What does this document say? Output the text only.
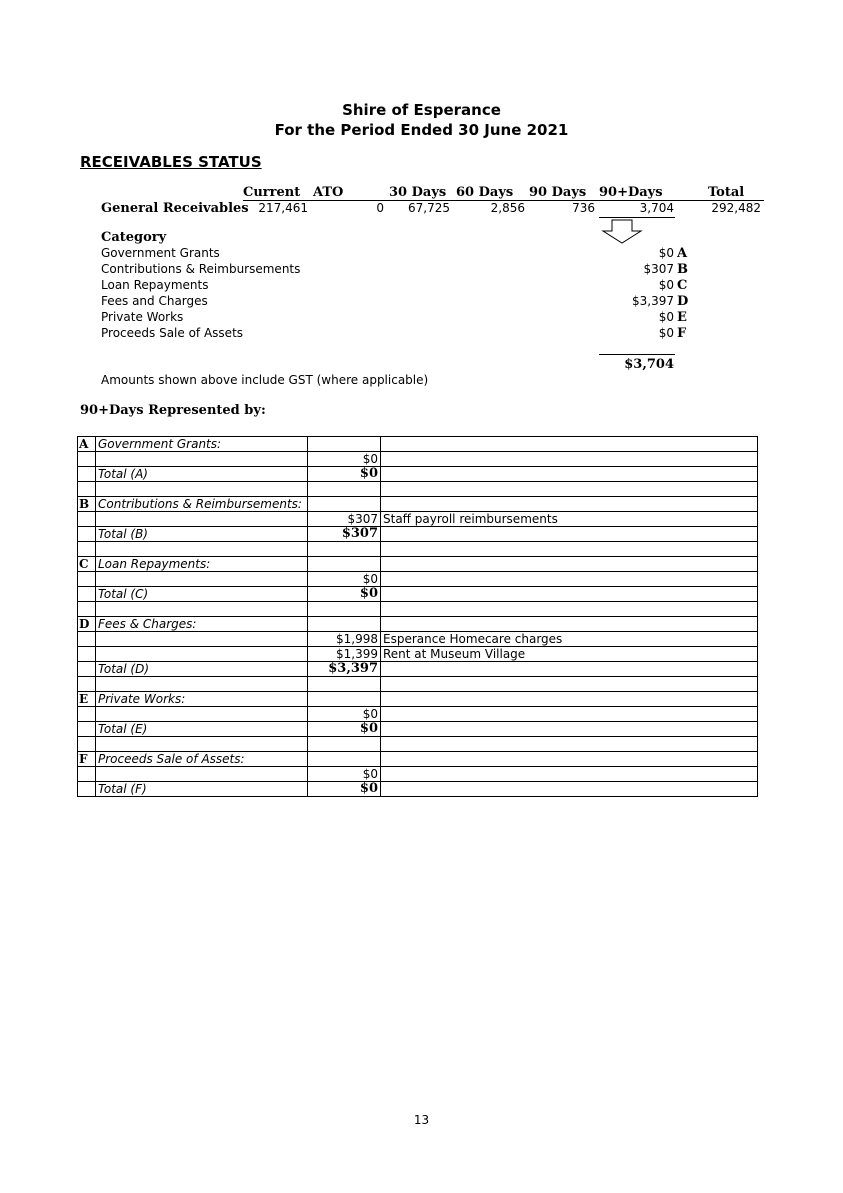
Shire of Esperance
For the Period Ended 30 June 2021
RECEIVABLES STATUS
Current ATO	30 Days 60 Days 90 Days 90+Days	Total
General Receivables 217,461	0	67,725	2,856	736	3,704	292,482
Category
Government Grants	$0 A
Contributions & Reimbursements	$307 B
Loan Repayments	$0 C
Fees and Charges	$3,397 D
Private Works	$0 E
Proceeds Sale of Assets	$0 F
$3,704
Amounts shown above include GST (where applicable)
90+Days Represented by:
A	Government Grants:		
		$0	
	Total (A)	$0	

B	Contributions & Reimbursements:		
		$307	Staff payroll reimbursements
	Total (B)	$307	

C	Loan Repayments:		
		$0	
	Total (C)	$0	

D	Fees & Charges:		
		$1,998	Esperance Homecare charges
		$1,399	Rent at Museum Village
	Total (D)	$3,397	

E	Private Works:		
		$0	
	Total (E)	$0	

F	Proceeds Sale of Assets:		
		$0	
	Total (F)	$0	
13
